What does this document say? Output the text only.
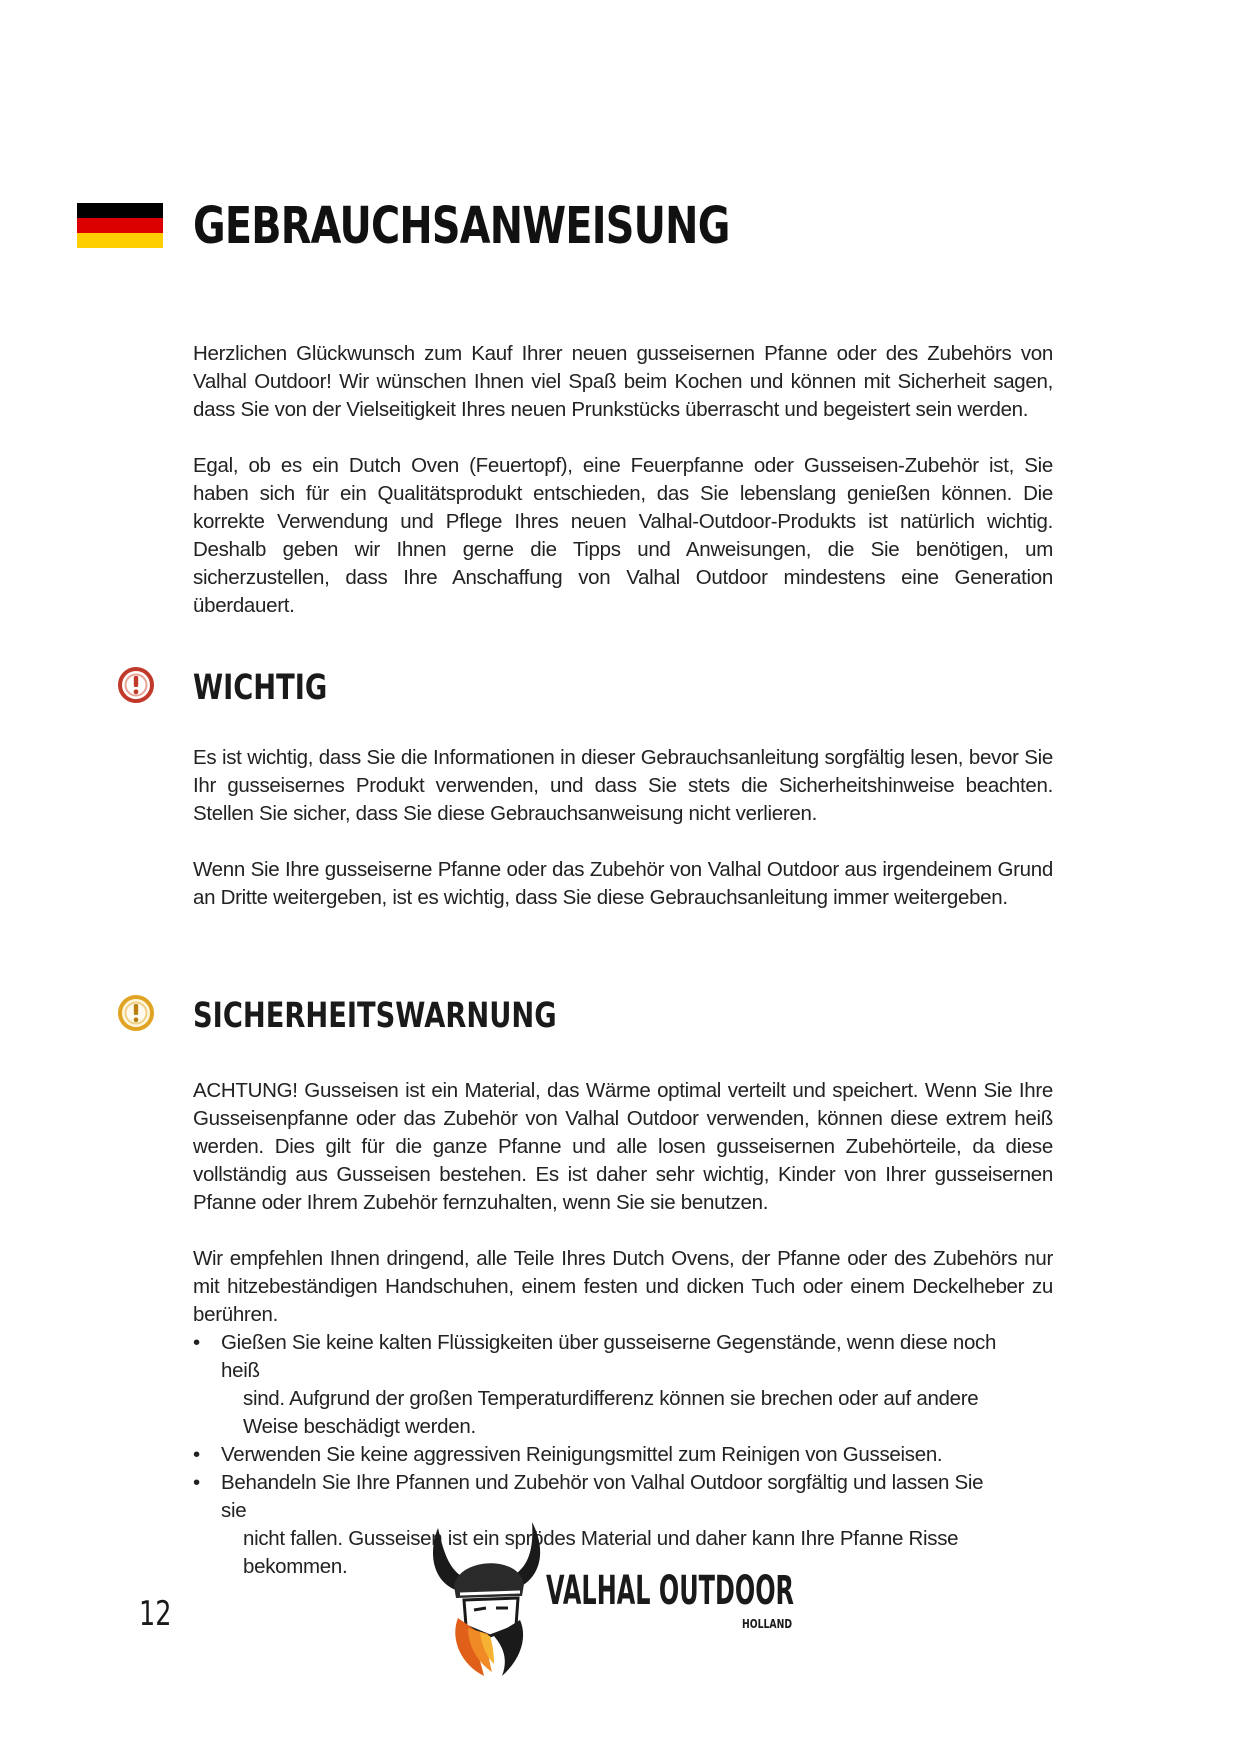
GEBRAUCHSANWEISUNG

Herzlichen Glückwunsch zum Kauf Ihrer neuen gusseisernen Pfanne oder des Zubehörs von Valhal Outdoor! Wir wünschen Ihnen viel Spaß beim Kochen und können mit Sicherheit sagen, dass Sie von der Vielseitigkeit Ihres neuen Prunkstücks überrascht und begeistert sein werden.

Egal, ob es ein Dutch Oven (Feuertopf), eine Feuerpfanne oder Gusseisen-Zubehör ist, Sie haben sich für ein Qualitätsprodukt entschieden, das Sie lebenslang genießen können. Die korrekte Verwendung und Pflege Ihres neuen Valhal-Outdoor-Produkts ist natürlich wichtig. Deshalb geben wir Ihnen gerne die Tipps und Anweisungen, die Sie benötigen, um sicherzustellen, dass Ihre Anschaffung von Valhal Outdoor mindestens eine Generation überdauert.

WICHTIG

Es ist wichtig, dass Sie die Informationen in dieser Gebrauchsanleitung sorgfältig lesen, bevor Sie Ihr gusseisernes Produkt verwenden, und dass Sie stets die Sicherheitshinweise beachten. Stellen Sie sicher, dass Sie diese Gebrauchsanweisung nicht verlieren.

Wenn Sie Ihre gusseiserne Pfanne oder das Zubehör von Valhal Outdoor aus irgendeinem Grund an Dritte weitergeben, ist es wichtig, dass Sie diese Gebrauchsanleitung immer weitergeben.

SICHERHEITSWARNUNG

ACHTUNG! Gusseisen ist ein Material, das Wärme optimal verteilt und speichert. Wenn Sie Ihre Gusseisenpfanne oder das Zubehör von Valhal Outdoor verwenden, können diese extrem heiß werden. Dies gilt für die ganze Pfanne und alle losen gusseisernen Zubehörteile, da diese vollständig aus Gusseisen bestehen. Es ist daher sehr wichtig, Kinder von Ihrer gusseisernen Pfanne oder Ihrem Zubehör fernzuhalten, wenn Sie sie benutzen.

Wir empfehlen Ihnen dringend, alle Teile Ihres Dutch Ovens, der Pfanne oder des Zubehörs nur mit hitzebeständigen Handschuhen, einem festen und dicken Tuch oder einem Deckelheber zu berühren.

• Gießen Sie keine kalten Flüssigkeiten über gusseiserne Gegenstände, wenn diese noch heiß
sind. Aufgrund der großen Temperaturdifferenz können sie brechen oder auf andere Weise beschädigt werden.
• Verwenden Sie keine aggressiven Reinigungsmittel zum Reinigen von Gusseisen.
• Behandeln Sie Ihre Pfannen und Zubehör von Valhal Outdoor sorgfältig und lassen Sie sie
nicht fallen. Gusseisen ist ein sprödes Material und daher kann Ihre Pfanne Risse bekommen.
12	VALHAL OUTDOOR
HOLLAND
